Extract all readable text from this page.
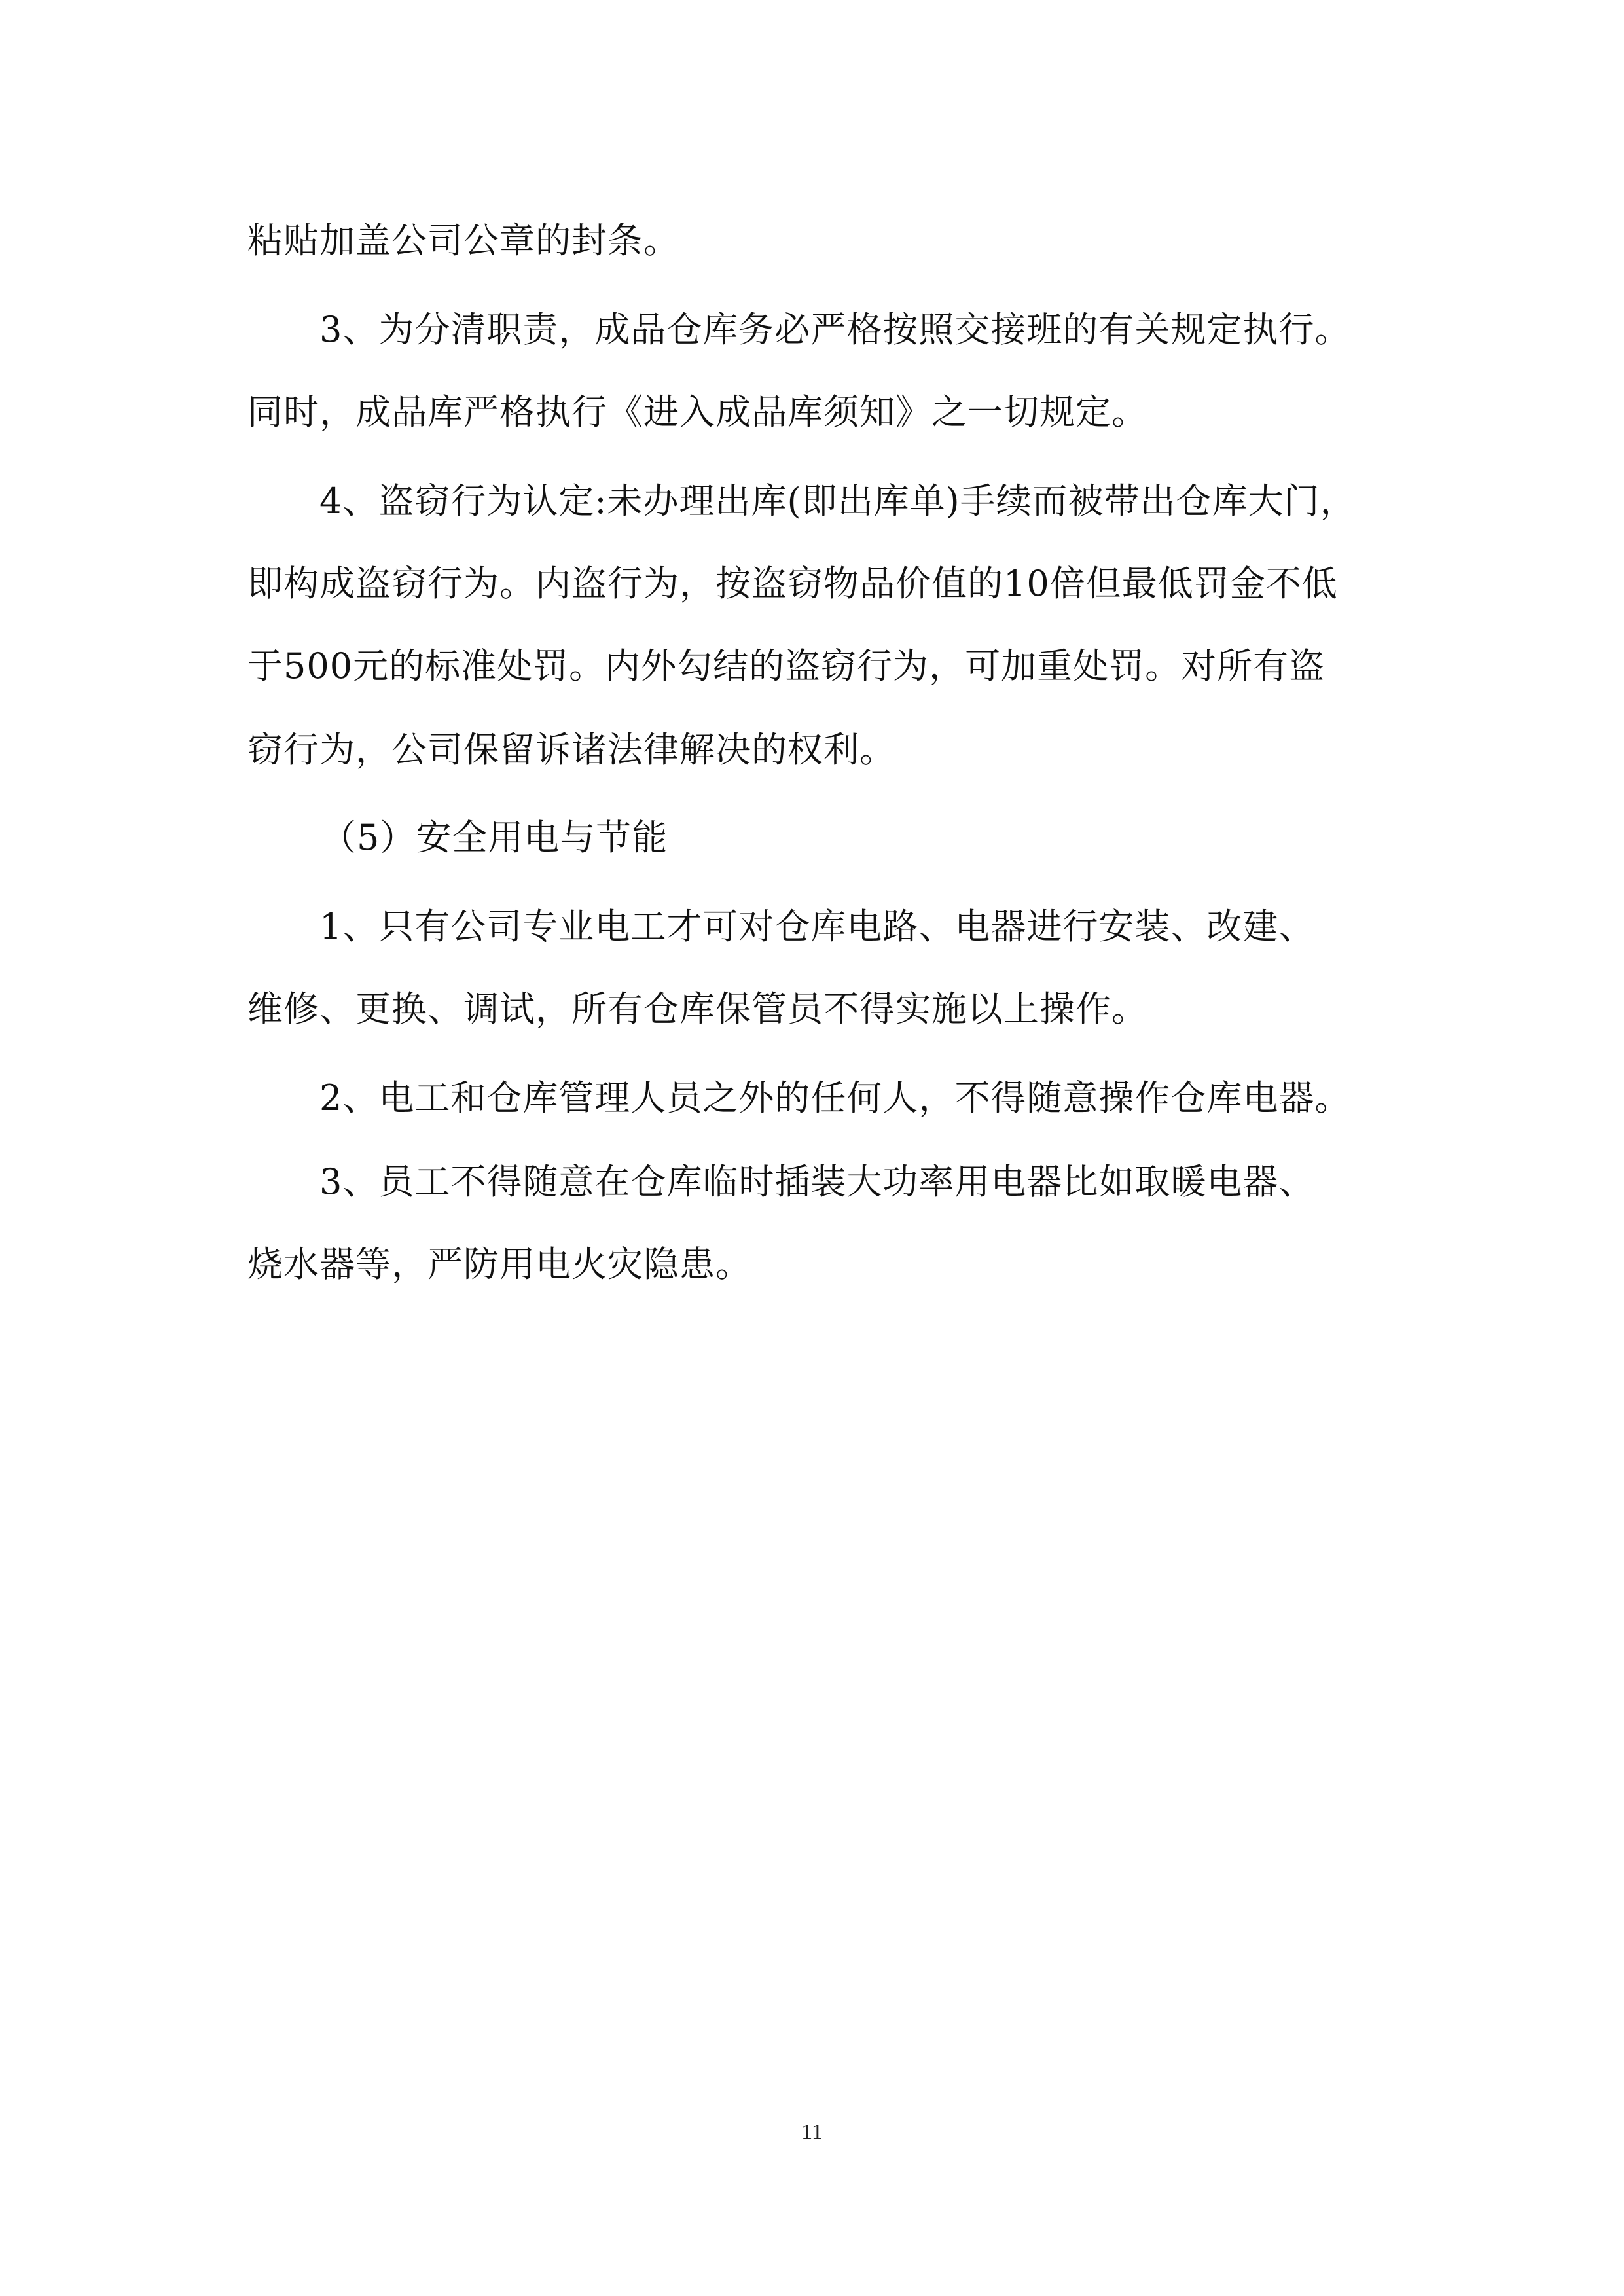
粘贴加盖公司公章的封条。
3、为分清职责，成品仓库务必严格按照交接班的有关规定执行。
同时，成品库严格执行《进入成品库须知》之一切规定。
4、盗窃行为认定:未办理出库(即出库单)手续而被带出仓库大门，
即构成盗窃行为。内盗行为，按盗窃物品价值的10倍但最低罚金不低
于500元的标准处罚。内外勾结的盗窃行为，可加重处罚。对所有盗
窃行为，公司保留诉诸法律解决的权利。
（5）安全用电与节能
1、只有公司专业电工才可对仓库电路、电器进行安装、改建、
维修、更换、调试，所有仓库保管员不得实施以上操作。
2、电工和仓库管理人员之外的任何人，不得随意操作仓库电器。
3、员工不得随意在仓库临时插装大功率用电器比如取暖电器、
烧水器等，严防用电火灾隐患。
11
